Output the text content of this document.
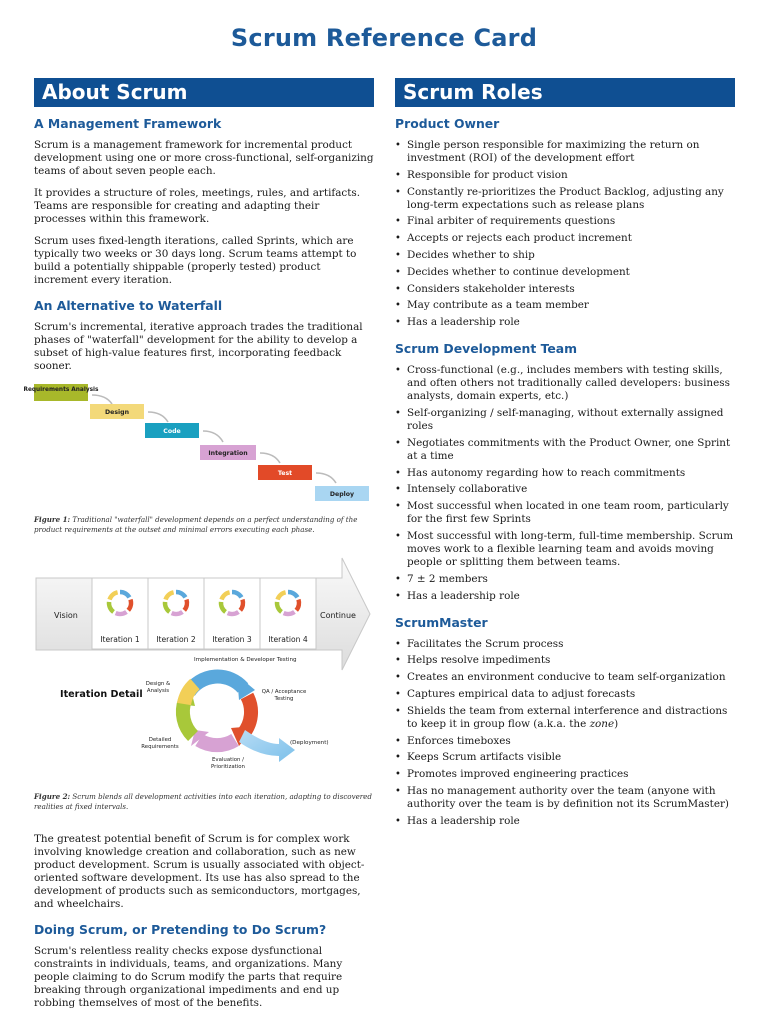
Scrum Reference Card
About Scrum
A Management Framework

Scrum is a management framework for incremental product development using one or more cross-functional, self-organizing teams of about seven people each.

It provides a structure of roles, meetings, rules, and artifacts. Teams are responsible for creating and adapting their processes within this framework.

Scrum uses fixed-length iterations, called Sprints, which are typically two weeks or 30 days long. Scrum teams attempt to build a potentially shippable (properly tested) product increment every iteration.

An Alternative to Waterfall

Scrum's incremental, iterative approach trades the traditional phases of "waterfall" development for the ability to develop a subset of high-value features first, incorporating feedback sooner.

Requirements Analysis
Design
Code
Integration
Test
Deploy

Figure 1: Traditional "waterfall" development depends on a perfect understanding of the product requirements at the outset and minimal errors executing each phase.

Vision	Continue
Iteration 1 Iteration 2 Iteration 3 Iteration 4
Iteration Detail
Implementation & Developer Testing
Design & Analysis	QA / Acceptance Testing
Detailed Requirements
Evaluation / Prioritization
(Deployment)

Figure 2: Scrum blends all development activities into each iteration, adapting to discovered realities at fixed intervals.

The greatest potential benefit of Scrum is for complex work involving knowledge creation and collaboration, such as new product development. Scrum is usually associated with object-oriented software development. Its use has also spread to the development of products such as semiconductors, mortgages, and wheelchairs.

Doing Scrum, or Pretending to Do Scrum?

Scrum's relentless reality checks expose dysfunctional constraints in individuals, teams, and organizations. Many people claiming to do Scrum modify the parts that require breaking through organizational impediments and end up robbing themselves of most of the benefits.

Scrum Roles
Product Owner
• Single person responsible for maximizing the return on investment (ROI) of the development effort
• Responsible for product vision
• Constantly re-prioritizes the Product Backlog, adjusting any long-term expectations such as release plans
• Final arbiter of requirements questions
• Accepts or rejects each product increment
• Decides whether to ship
• Decides whether to continue development
• Considers stakeholder interests
• May contribute as a team member
• Has a leadership role
Scrum Development Team
• Cross-functional (e.g., includes members with testing skills, and often others not traditionally called developers: business analysts, domain experts, etc.)
• Self-organizing / self-managing, without externally assigned roles
• Negotiates commitments with the Product Owner, one Sprint at a time
• Has autonomy regarding how to reach commitments
• Intensely collaborative
• Most successful when located in one team room, particularly for the first few Sprints
• Most successful with long-term, full-time membership. Scrum moves work to a flexible learning team and avoids moving people or splitting them between teams.
• 7 ± 2 members
• Has a leadership role
ScrumMaster
• Facilitates the Scrum process
• Helps resolve impediments
• Creates an environment conducive to team self-organization
• Captures empirical data to adjust forecasts
• Shields the team from external interference and distractions to keep it in group flow (a.k.a. the zone)
• Enforces timeboxes
• Keeps Scrum artifacts visible
• Promotes improved engineering practices
• Has no management authority over the team (anyone with authority over the team is by definition not its ScrumMaster)
• Has a leadership role
